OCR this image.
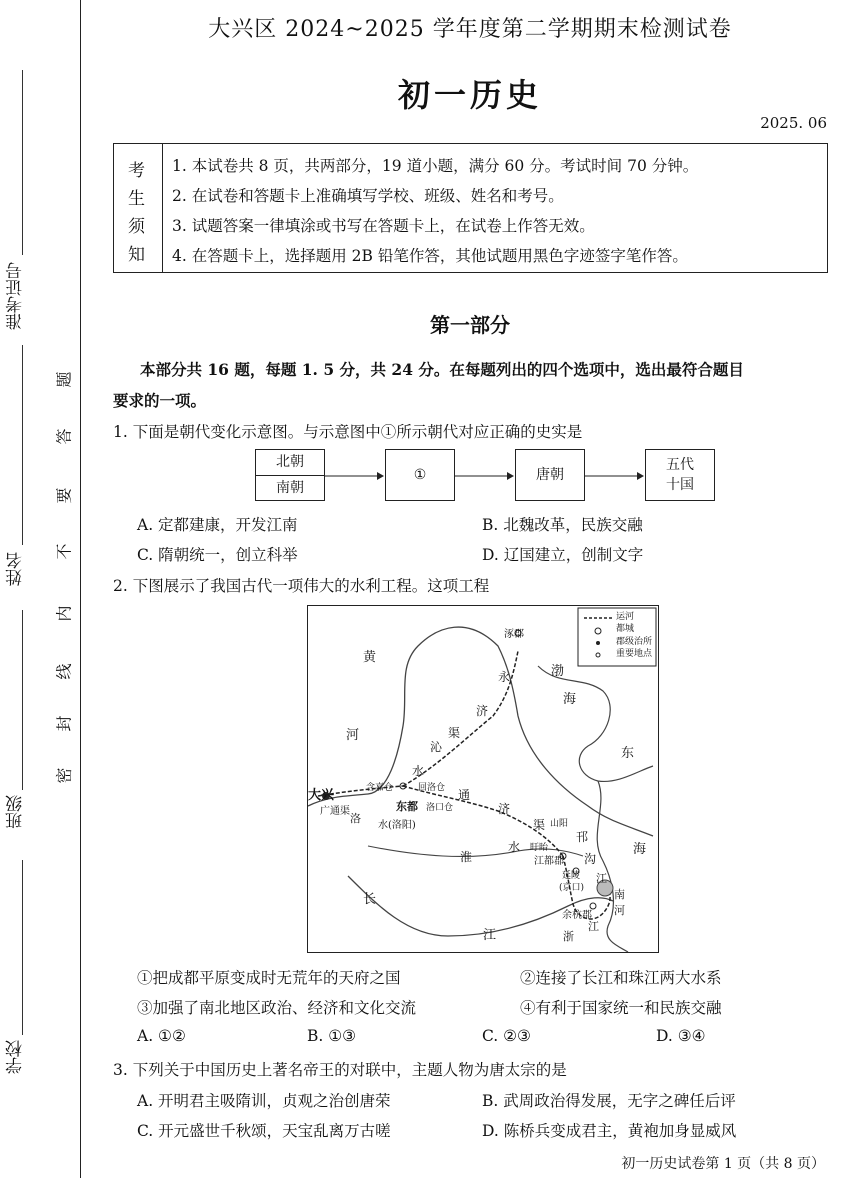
准考证号
姓名
班级
学校
密
封
线
内
不
要
答
题
大兴区 2024~2025 学年度第二学期期末检测试卷
初一历史
2025. 06
考
生
须
知
1. 本试卷共 8 页，共两部分，19 道小题，满分 60 分。考试时间 70 分钟。
2. 在试卷和答题卡上准确填写学校、班级、姓名和考号。
3. 试题答案一律填涂或书写在答题卡上，在试卷上作答无效。
4. 在答题卡上，选择题用 2B 铅笔作答，其他试题用黑色字迹签字笔作答。
第一部分
本部分共 16 题，每题 1. 5 分，共 24 分。在每题列出的四个选项中，选出最符合题目
要求的一项。
1. 下面是朝代变化示意图。与示意图中①所示朝代对应正确的史实是
北朝
南朝
①	唐朝
五代
十国
A. 定都建康，开发江南	B. 北魏改革，民族交融
C. 隋朝统一，创立科举	D. 辽国建立，创制文字
2. 下图展示了我国古代一项伟大的水利工程。这项工程
运河
都城
郡级治所
重要地点
涿郡
黄
河
永
济
沁
渠
水
渤
海
东
海
大兴
广通渠
洛
含嘉仓	回洛仓
东都 洛口仓
水(洛阳)
通
济
渠 山阳
邗
沟
淮
水 盱眙
江都郡
延陵
(京口)
江
南
河
余杭郡
浙
江
长
江
①把成都平原变成时无荒年的天府之国	②连接了长江和珠江两大水系
③加强了南北地区政治、经济和文化交流	④有利于国家统一和民族交融
A. ①②	B. ①③	C. ②③	D. ③④
3. 下列关于中国历史上著名帝王的对联中，主题人物为唐太宗的是
A. 开明君主吸隋训，贞观之治创唐荣	B. 武周政治得发展，无字之碑任后评
C. 开元盛世千秋颂，天宝乱离万古嗟	D. 陈桥兵变成君主，黄袍加身显威风
初一历史试卷第 1 页（共 8 页）
